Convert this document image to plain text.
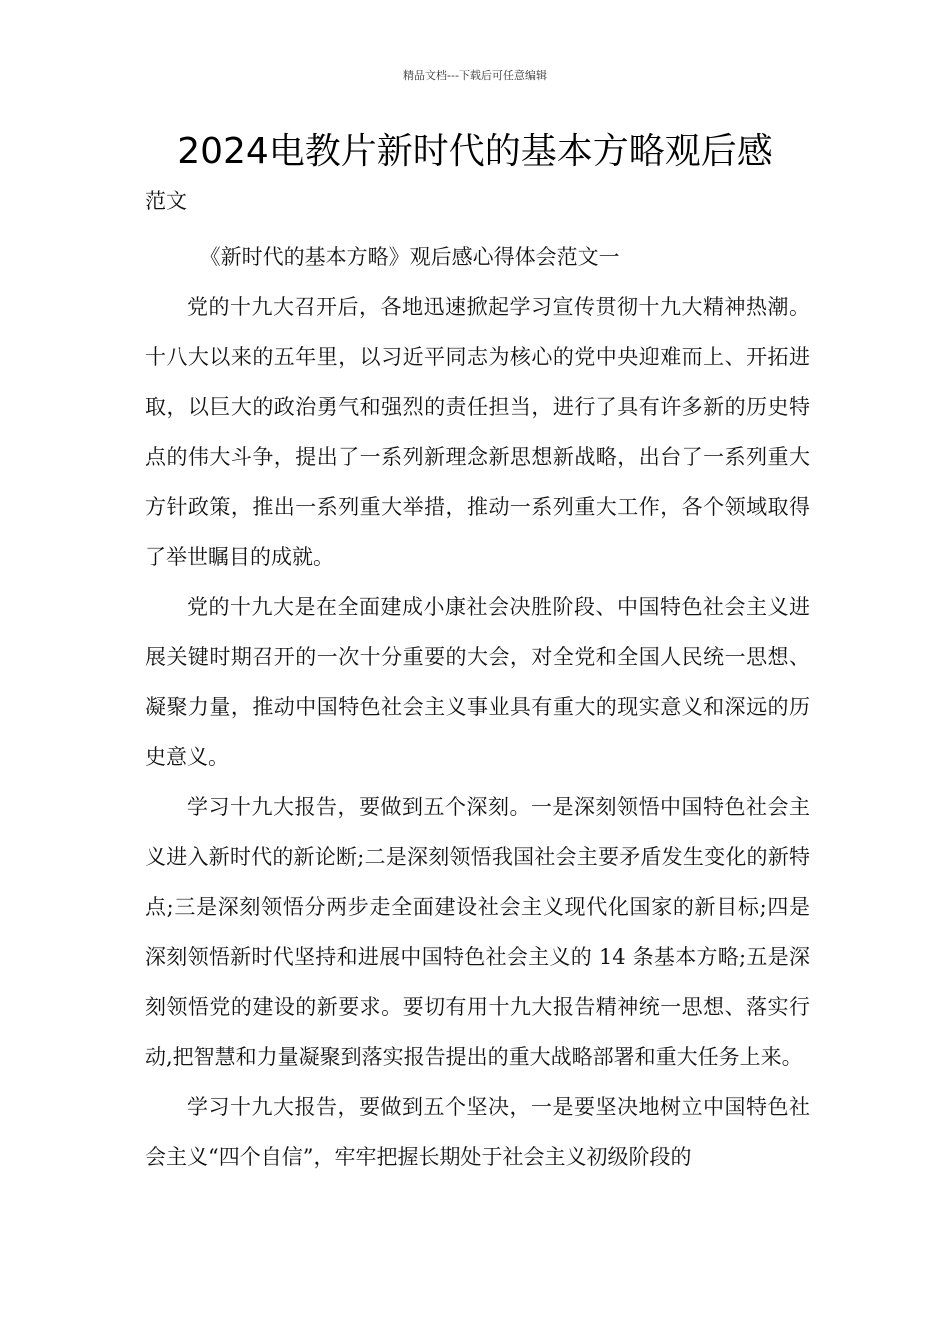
精品文档---下载后可任意编辑
2024电教片新时代的基本方略观后感
范文

《新时代的基本方略》观后感心得体会范文一

党的十九大召开后，各地迅速掀起学习宣传贯彻十九大精神热潮。十八大以来的五年里，以习近平同志为核心的党中央迎难而上、开拓进取，以巨大的政治勇气和强烈的责任担当，进行了具有许多新的历史特点的伟大斗争，提出了一系列新理念新思想新战略，出台了一系列重大方针政策，推出一系列重大举措，推动一系列重大工作，各个领域取得了举世瞩目的成就。

党的十九大是在全面建成小康社会决胜阶段、中国特色社会主义进展关键时期召开的一次十分重要的大会，对全党和全国人民统一思想、凝聚力量，推动中国特色社会主义事业具有重大的现实意义和深远的历史意义。

学习十九大报告，要做到五个深刻。一是深刻领悟中国特色社会主义进入新时代的新论断;二是深刻领悟我国社会主要矛盾发生变化的新特点;三是深刻领悟分两步走全面建设社会主义现代化国家的新目标;四是深刻领悟新时代坚持和进展中国特色社会主义的 14 条基本方略;五是深刻领悟党的建设的新要求。要切有用十九大报告精神统一思想、落实行动,把智慧和力量凝聚到落实报告提出的重大战略部署和重大任务上来。

学习十九大报告，要做到五个坚决，一是要坚决地树立中国特色社会主义“四个自信”，牢牢把握长期处于社会主义初级阶段的
